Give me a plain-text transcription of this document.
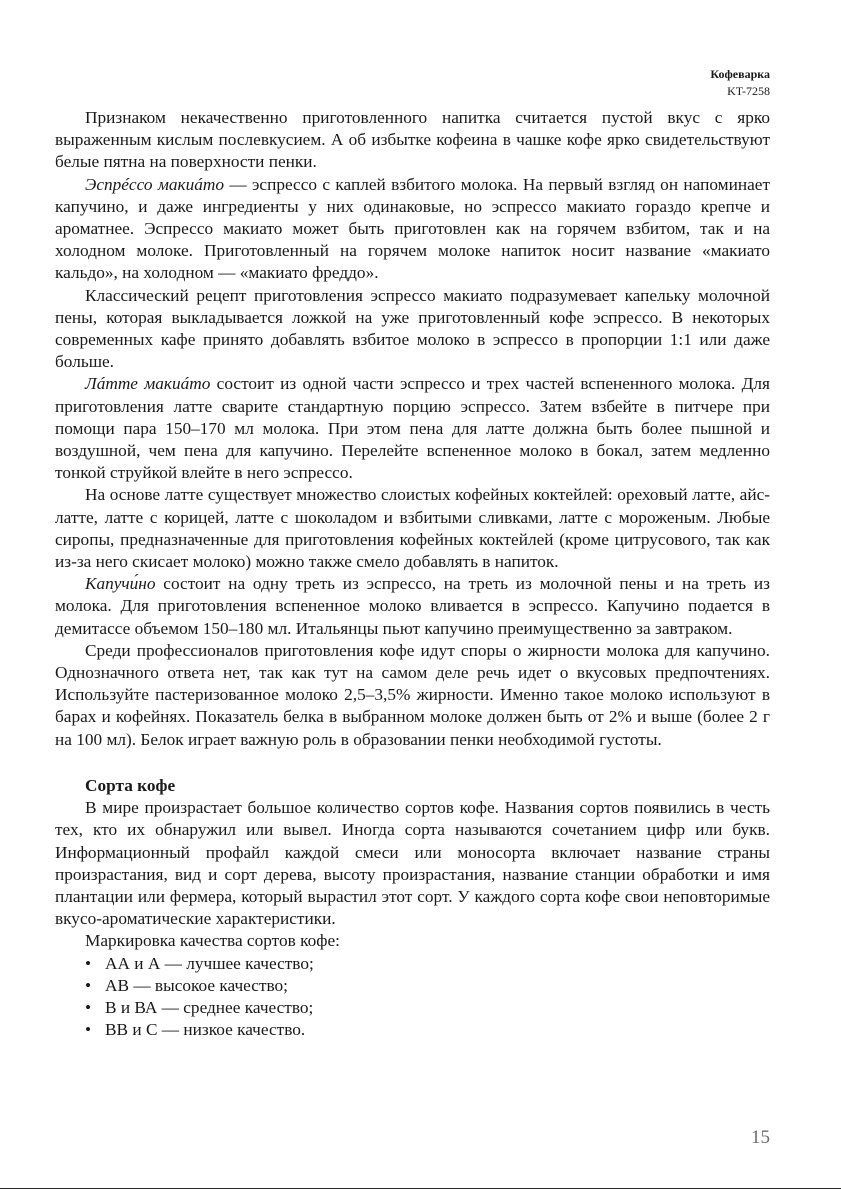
Кофеварка
KT-7258

Признаком некачественно приготовленного напитка считается пустой вкус с ярко выраженным кислым послевкусием. А об избытке кофеина в чашке кофе ярко свидетельствуют белые пятна на поверхности пенки.

Эспрéссо макиáто — эспрессо с каплей взбитого молока. На первый взгляд он напоминает капучино, и даже ингредиенты у них одинаковые, но эспрессо макиато гораздо крепче и ароматнее. Эспрессо макиато может быть приготовлен как на горячем взбитом, так и на холодном молоке. Приготовленный на горячем молоке напиток носит название «макиато кальдо», на холодном — «макиато фреддо».

Классический рецепт приготовления эспрессо макиато подразумевает капельку молочной пены, которая выкладывается ложкой на уже приготовленный кофе эспрессо. В некоторых современных кафе принято добавлять взбитое молоко в эспрессо в пропорции 1:1 или даже больше.

Лáтте макиáто состоит из одной части эспрессо и трех частей вспененного молока. Для приготовления латте сварите стандартную порцию эспрессо. Затем взбейте в питчере при помощи пара 150–170 мл молока. При этом пена для латте должна быть более пышной и воздушной, чем пена для капучино. Перелейте вспененное молоко в бокал, затем медленно тонкой струйкой влейте в него эспрессо.

На основе латте существует множество слоистых кофейных коктейлей: ореховый латте, айс-латте, латте с корицей, латте с шоколадом и взбитыми сливками, латте с мороженым. Любые сиропы, предназначенные для приготовления кофейных коктейлей (кроме цитрусового, так как из-за него скисает молоко) можно также смело добавлять в напиток.

Капучи́но состоит на одну треть из эспрессо, на треть из молочной пены и на треть из молока. Для приготовления вспененное молоко вливается в эспрессо. Капучино подается в демитассе объемом 150–180 мл. Итальянцы пьют капучино преимущественно за завтраком.

Среди профессионалов приготовления кофе идут споры о жирности молока для капучино. Однозначного ответа нет, так как тут на самом деле речь идет о вкусовых предпочтениях. Используйте пастеризованное молоко 2,5–3,5% жирности. Именно такое молоко используют в барах и кофейнях. Показатель белка в выбранном молоке должен быть от 2% и выше (более 2 г на 100 мл). Белок играет важную роль в образовании пенки необходимой густоты.

Сорта кофе

В мире произрастает большое количество сортов кофе. Названия сортов появились в честь тех, кто их обнаружил или вывел. Иногда сорта называются сочетанием цифр или букв. Информационный профайл каждой смеси или моносорта включает название страны произрастания, вид и сорт дерева, высоту произрастания, название станции обработки и имя плантации или фермера, который вырастил этот сорт. У каждого сорта кофе свои неповторимые вкусо-ароматические характеристики.

Маркировка качества сортов кофе:

• АА и А — лучшее качество;
• АВ — высокое качество;
• В и ВА — среднее качество;
• ВВ и С — низкое качество.
15
